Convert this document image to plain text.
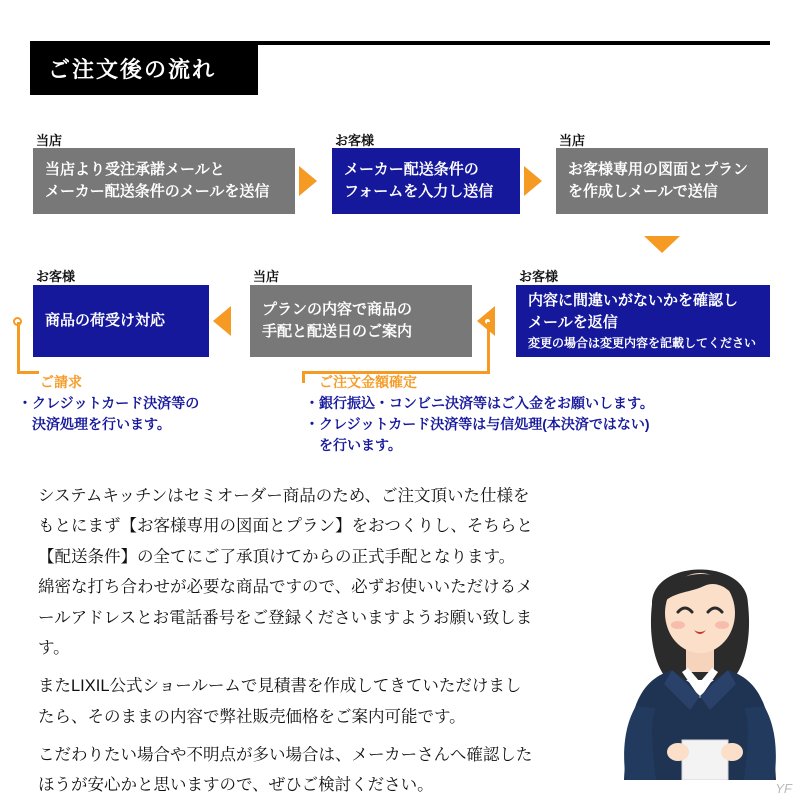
ご注文後の流れ
当店
当店より受注承諾メールと
メーカー配送条件のメールを送信
お客様
メーカー配送条件の
フォームを入力し送信
当店
お客様専用の図面とプラン
を作成しメールで送信
お客様
商品の荷受け対応
当店
プランの内容で商品の
手配と配送日のご案内
お客様
内容に間違いがないかを確認し
メールを返信
変更の場合は変更内容を記載してください
ご請求
・クレジットカード決済等の
　決済処理を行います。
ご注文金額確定
・銀行振込・コンビニ決済等はご入金をお願いします。
・クレジットカード決済等は与信処理(本決済ではない)
　を行います。

システムキッチンはセミオーダー商品のため、ご注文頂いた仕様を

もとにまず【お客様専用の図面とプラン】をおつくりし、そちらと

【配送条件】の全てにご了承頂けてからの正式手配となります。

綿密な打ち合わせが必要な商品ですので、必ずお使いいただけるメ

ールアドレスとお電話番号をご登録くださいますようお願い致しま

す。

またLIXIL公式ショールームで見積書を作成してきていただけまし

たら、そのままの内容で弊社販売価格をご案内可能です。

こだわりたい場合や不明点が多い場合は、メーカーさんへ確認した

ほうが安心かと思いますので、ぜひご検討ください。	YF
